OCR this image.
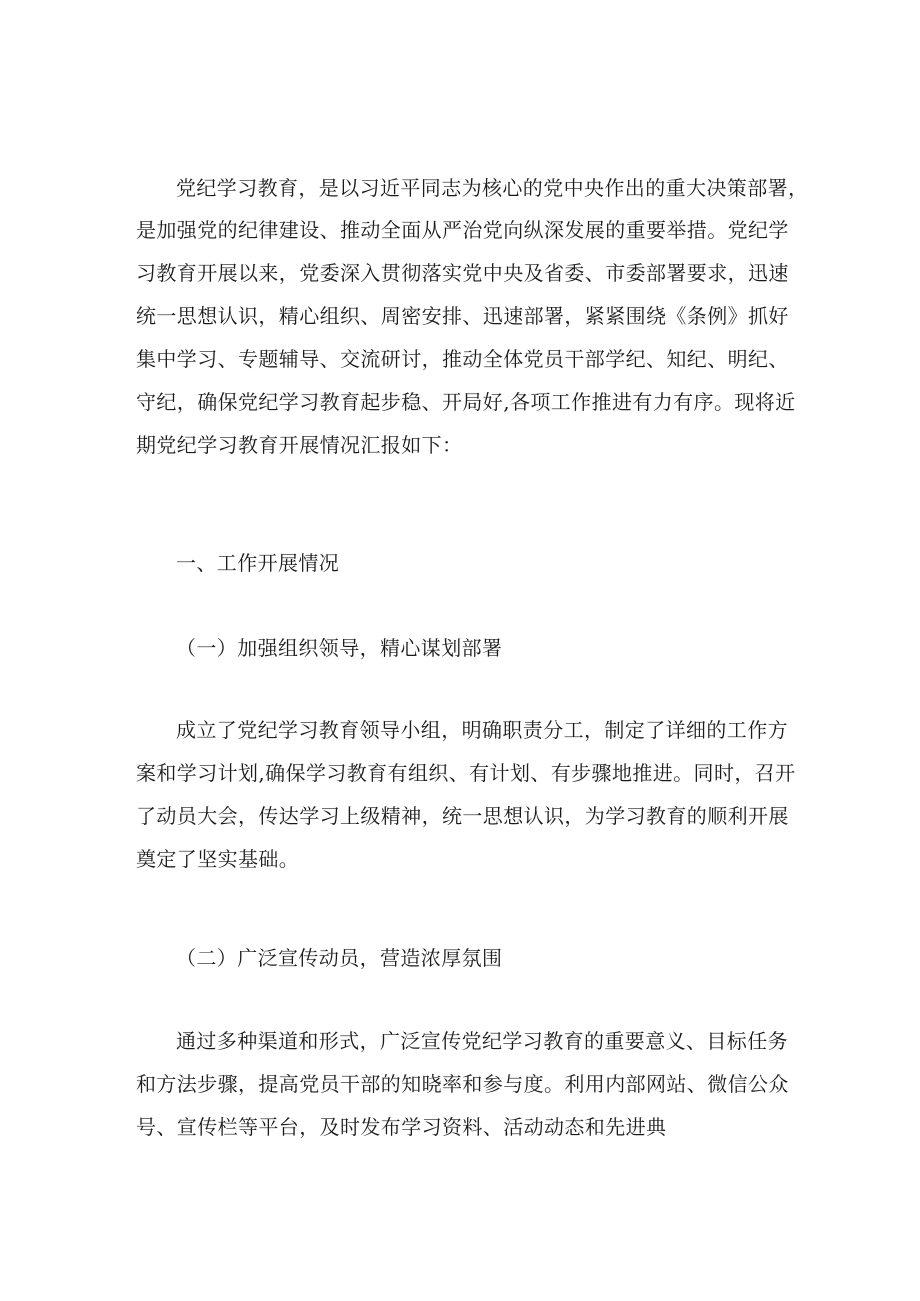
党纪学习教育，是以习近平同志为核心的党中央作出的重大决策部署，
是加强党的纪律建设、推动全面从严治党向纵深发展的重要举措。党纪学
习教育开展以来，党委深入贯彻落实党中央及省委、市委部署要求，迅速
统一思想认识，精心组织、周密安排、迅速部署，紧紧围绕《条例》抓好
集中学习、专题辅导、交流研讨，推动全体党员干部学纪、知纪、明纪、
守纪，确保党纪学习教育起步稳、开局好,各项工作推进有力有序。现将近
期党纪学习教育开展情况汇报如下：
一、工作开展情况
（一）加强组织领导，精心谋划部署
成立了党纪学习教育领导小组，明确职责分工，制定了详细的工作方
案和学习计划,确保学习教育有组织、有计划、有步骤地推进。同时，召开
了动员大会，传达学习上级精神，统一思想认识，为学习教育的顺利开展
奠定了坚实基础。
（二）广泛宣传动员，营造浓厚氛围
通过多种渠道和形式，广泛宣传党纪学习教育的重要意义、目标任务
和方法步骤，提高党员干部的知晓率和参与度。利用内部网站、微信公众
号、宣传栏等平台，及时发布学习资料、活动动态和先进典
